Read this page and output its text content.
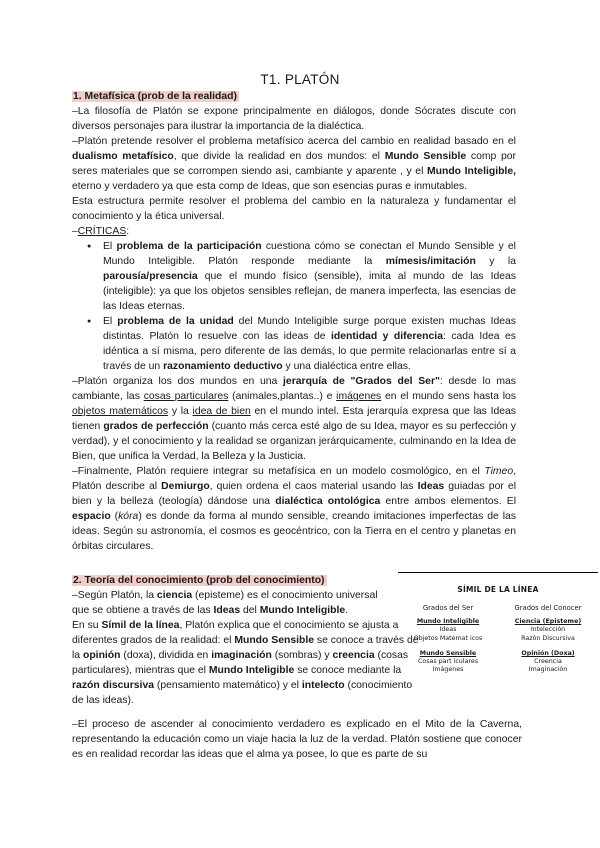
T1. PLATÓN

1. Metafísica (prob de la realidad)

–La filosofía de Platón se expone principalmente en diálogos, donde Sócrates discute con diversos personajes para ilustrar la importancia de la dialéctica.

–Platón pretende resolver el problema metafísico acerca del cambio en realidad basado en el dualismo metafísico, que divide la realidad en dos mundos: el Mundo Sensible comp por seres materiales que se corrompen siendo asi, cambiante y aparente , y el Mundo Inteligible, eterno y verdadero ya que esta comp de Ideas, que son esencias puras e inmutables.

Esta estructura permite resolver el problema del cambio en la naturaleza y fundamentar el conocimiento y la ética universal.

–CRÍTICAS:

● El problema de la participación cuestiona cómo se conectan el Mundo Sensible y el Mundo Inteligible. Platón responde mediante la mímesis/imitación y la parousía/presencia que el mundo físico (sensible), imita al mundo de las Ideas (inteligible): ya que los objetos sensibles reflejan, de manera imperfecta, las esencias de las Ideas eternas.
● El problema de la unidad del Mundo Inteligible surge porque existen muchas Ideas distintas. Platón lo resuelve con las ideas de identidad y diferencia: cada Idea es idéntica a sí misma, pero diferente de las demás, lo que permite relacionarlas entre sí a través de un razonamiento deductivo y una dialéctica entre ellas.

–Platón organiza los dos mundos en una jerarquía de "Grados del Ser": desde lo mas cambiante, las cosas particulares (animales,plantas..) e imágenes en el mundo sens hasta los objetos matemáticos y la idea de bien en el mundo intel. Esta jerarquía expresa que las Ideas tienen grados de perfección (cuanto más cerca esté algo de su Idea, mayor es su perfección y verdad), y el conocimiento y la realidad se organizan jerárquicamente, culminando en la Idea de Bien, que unifica la Verdad, la Belleza y la Justicia.

–Finalmente, Platón requiere integrar su metafísica en un modelo cosmológico, en el Timeo, Platón describe al Demiurgo, quien ordena el caos material usando las Ideas guiadas por el bien y la belleza (teología) dándose una dialéctica ontológica entre ambos elementos. El espacio (kóra) es donde da forma al mundo sensible, creando imitaciones imperfectas de las ideas. Según su astronomía, el cosmos es geocéntrico, con la Tierra en el centro y planetas en órbitas circulares.

2. Teoría del conocimiento (prob del conocimiento)

–Según Platón, la ciencia (episteme) es el conocimiento universal que se obtiene a través de las Ideas del Mundo Inteligible.

En su Símil de la línea, Platón explica que el conocimiento se ajusta a diferentes grados de la realidad: el Mundo Sensible se conoce a través de la opinión (doxa), dividida en imaginación (sombras) y creencia (cosas particulares), mientras que el Mundo Inteligible se conoce mediante la razón discursiva (pensamiento matemático) y el intelecto (conocimiento de las ideas).

SÍMIL DE LA LÍNEA
Grados del Ser
Mundo Inteligible
Ideas
Objetos Matemat icos
Mundo Sensible
Cosas part iculares
Imágenes
Grados del Conocer
Ciencia (Episteme)
Intelección
Razón Discursiva
Opinión (Doxa)
Creencia
Imaginación

–El proceso de ascender al conocimiento verdadero es explicado en el Mito de la Caverna, representando la educación como un viaje hacia la luz de la verdad. Platón sostiene que conocer es en realidad recordar las ideas que el alma ya posee, lo que es parte de su
